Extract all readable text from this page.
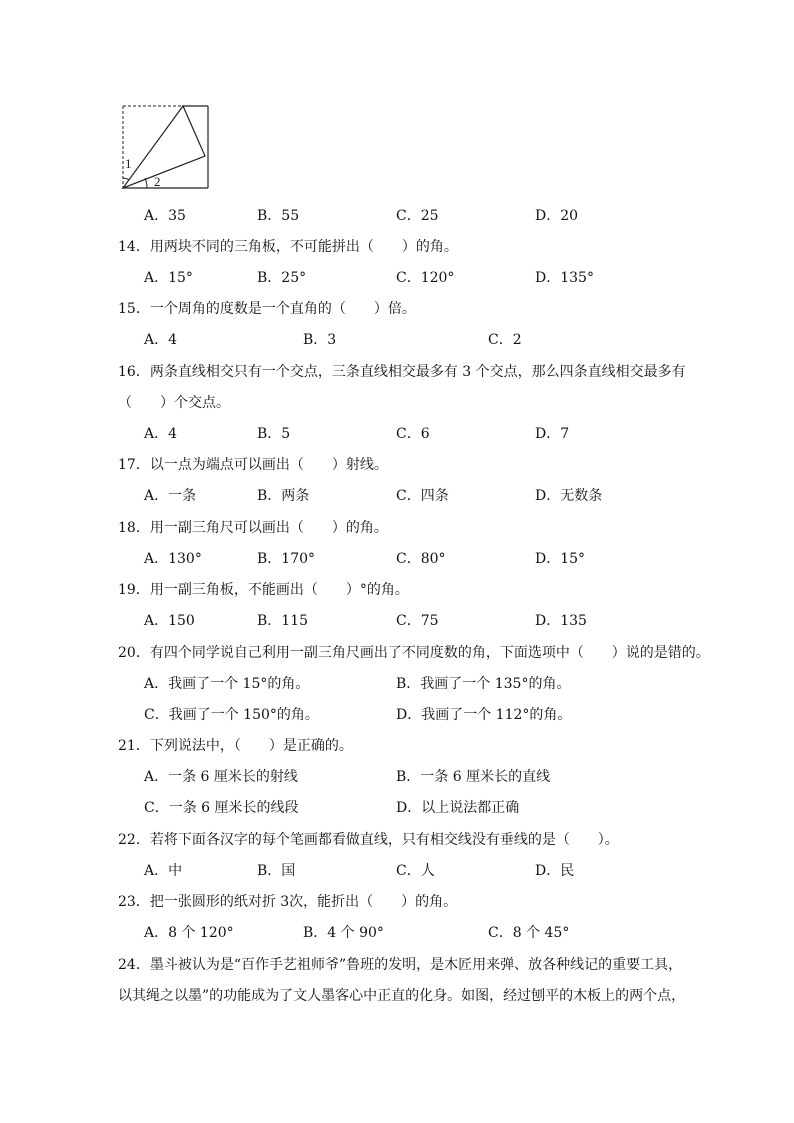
1
2
A．35	B．55	C．25	D．20
14．用两块不同的三角板，不可能拼出（　　）的角。
A．15°	B．25°	C．120°	D．135°
15．一个周角的度数是一个直角的（　　）倍。
A．4	B．3	C．2
16．两条直线相交只有一个交点，三条直线相交最多有 3 个交点，那么四条直线相交最多有
（　　）个交点。
A．4	B．5	C．6	D．7
17．以一点为端点可以画出（　　）射线。
A．一条	B．两条	C．四条	D．无数条
18．用一副三角尺可以画出（　　）的角。
A．130°	B．170°	C．80°	D．15°
19．用一副三角板，不能画出（　　）°的角。
A．150	B．115	C．75	D．135
20．有四个同学说自己利用一副三角尺画出了不同度数的角，下面选项中（　　）说的是错的。
A．我画了一个 15°的角。	B．我画了一个 135°的角。
C．我画了一个 150°的角。	D．我画了一个 112°的角。
21．下列说法中，（　　）是正确的。
A．一条 6 厘米长的射线	B．一条 6 厘米长的直线
C．一条 6 厘米长的线段	D．以上说法都正确
22．若将下面各汉字的每个笔画都看做直线，只有相交线没有垂线的是（　　）。
A．中	B．国	C．人	D．民
23．把一张圆形的纸对折 3次，能折出（　　）的角。
A．8 个 120°	B．4 个 90°	C．8 个 45°
24．墨斗被认为是“百作手艺祖师爷”鲁班的发明，是木匠用来弹、放各种线记的重要工具，
以其绳之以墨”的功能成为了文人墨客心中正直的化身。如图，经过刨平的木板上的两个点，
